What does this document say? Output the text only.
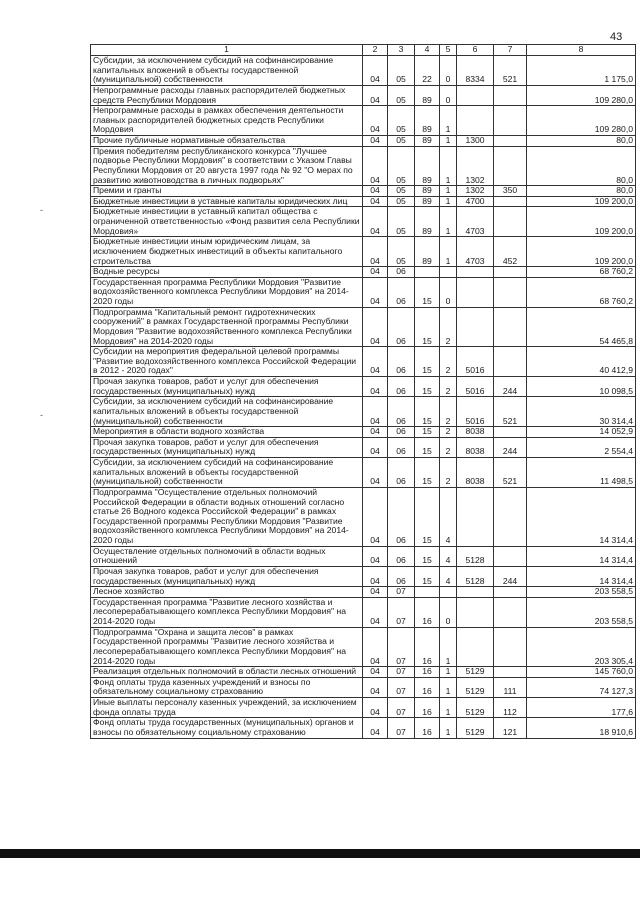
43
-
-
1	2	3	4	5	6	7	8
Субсидии, за исключением субсидий на софинансирование капитальных вложений в объекты государственной (муниципальной) собственности	04	05	22	0	8334	521	1 175,0
Непрограммные расходы главных распорядителей бюджетных средств Республики Мордовия	04	05	89	0			109 280,0
Непрограммные расходы в рамках обеспечения деятельности главных распорядителей бюджетных средств Республики Мордовия	04	05	89	1			109 280,0
Прочие публичные нормативные обязательства	04	05	89	1	1300		80,0
Премия победителям республиканского конкурса "Лучшее подворье Республики Мордовия" в соответствии с Указом Главы Республики Мордовия от 20 августа 1997 года № 92 "О мерах по развитию животноводства в личных подворьях"	04	05	89	1	1302		80,0
Премии и гранты	04	05	89	1	1302	350	80,0
Бюджетные инвестиции в уставные капиталы юридических лиц	04	05	89	1	4700		109 200,0
Бюджетные инвестиции в уставный капитал общества с ограниченной ответственностью «Фонд развития села Республики Мордовия»	04	05	89	1	4703		109 200,0
Бюджетные инвестиции иным юридическим лицам, за исключением бюджетных инвестиций в объекты капитального строительства	04	05	89	1	4703	452	109 200,0
Водные ресурсы	04	06					68 760,2
Государственная программа Республики Мордовия "Развитие водохозяйственного комплекса Республики Мордовия" на 2014-2020 годы	04	06	15	0			68 760,2
Подпрограмма "Капитальный ремонт гидротехнических сооружений" в рамках Государственной программы Республики Мордовия "Развитие водохозяйственного комплекса Республики Мордовия" на 2014-2020 годы	04	06	15	2			54 465,8
Субсидии на мероприятия федеральной целевой программы "Развитие водохозяйственного комплекса Российской Федерации в 2012 - 2020 годах"	04	06	15	2	5016		40 412,9
Прочая закупка товаров, работ и услуг для обеспечения государственных (муниципальных) нужд	04	06	15	2	5016	244	10 098,5
Субсидии, за исключением субсидий на софинансирование капитальных вложений в объекты государственной (муниципальной) собственности	04	06	15	2	5016	521	30 314,4
Мероприятия в области водного хозяйства	04	06	15	2	8038		14 052,9
Прочая закупка товаров, работ и услуг для обеспечения государственных (муниципальных) нужд	04	06	15	2	8038	244	2 554,4
Субсидии, за исключением субсидий на софинансирование капитальных вложений в объекты государственной (муниципальной) собственности	04	06	15	2	8038	521	11 498,5
Подпрограмма "Осуществление отдельных полномочий Российской Федерации в области водных отношений согласно статье 26 Водного кодекса Российской Федерации" в рамках Государственной программы Республики Мордовия "Развитие водохозяйственного комплекса Республики Мордовия" на 2014-2020 годы	04	06	15	4			14 314,4
Осуществление отдельных полномочий в области водных отношений	04	06	15	4	5128		14 314,4
Прочая закупка товаров, работ и услуг для обеспечения государственных (муниципальных) нужд	04	06	15	4	5128	244	14 314,4
Лесное хозяйство	04	07					203 558,5
Государственная программа "Развитие лесного хозяйства и лесоперерабатывающего комплекса Республики Мордовия" на 2014-2020 годы	04	07	16	0			203 558,5
Подпрограмма "Охрана и защита лесов" в рамках Государственной программы "Развитие лесного хозяйства и лесоперерабатывающего комплекса Республики Мордовия" на 2014-2020 годы	04	07	16	1			203 305,4
Реализация отдельных полномочий в области лесных отношений	04	07	16	1	5129		145 760,0
Фонд оплаты труда казенных учреждений и взносы по обязательному социальному страхованию	04	07	16	1	5129	111	74 127,3
Иные выплаты персоналу казенных учреждений, за исключением фонда оплаты труда	04	07	16	1	5129	112	177,6
Фонд оплаты труда государственных (муниципальных) органов и взносы по обязательному социальному страхованию	04	07	16	1	5129	121	18 910,6
